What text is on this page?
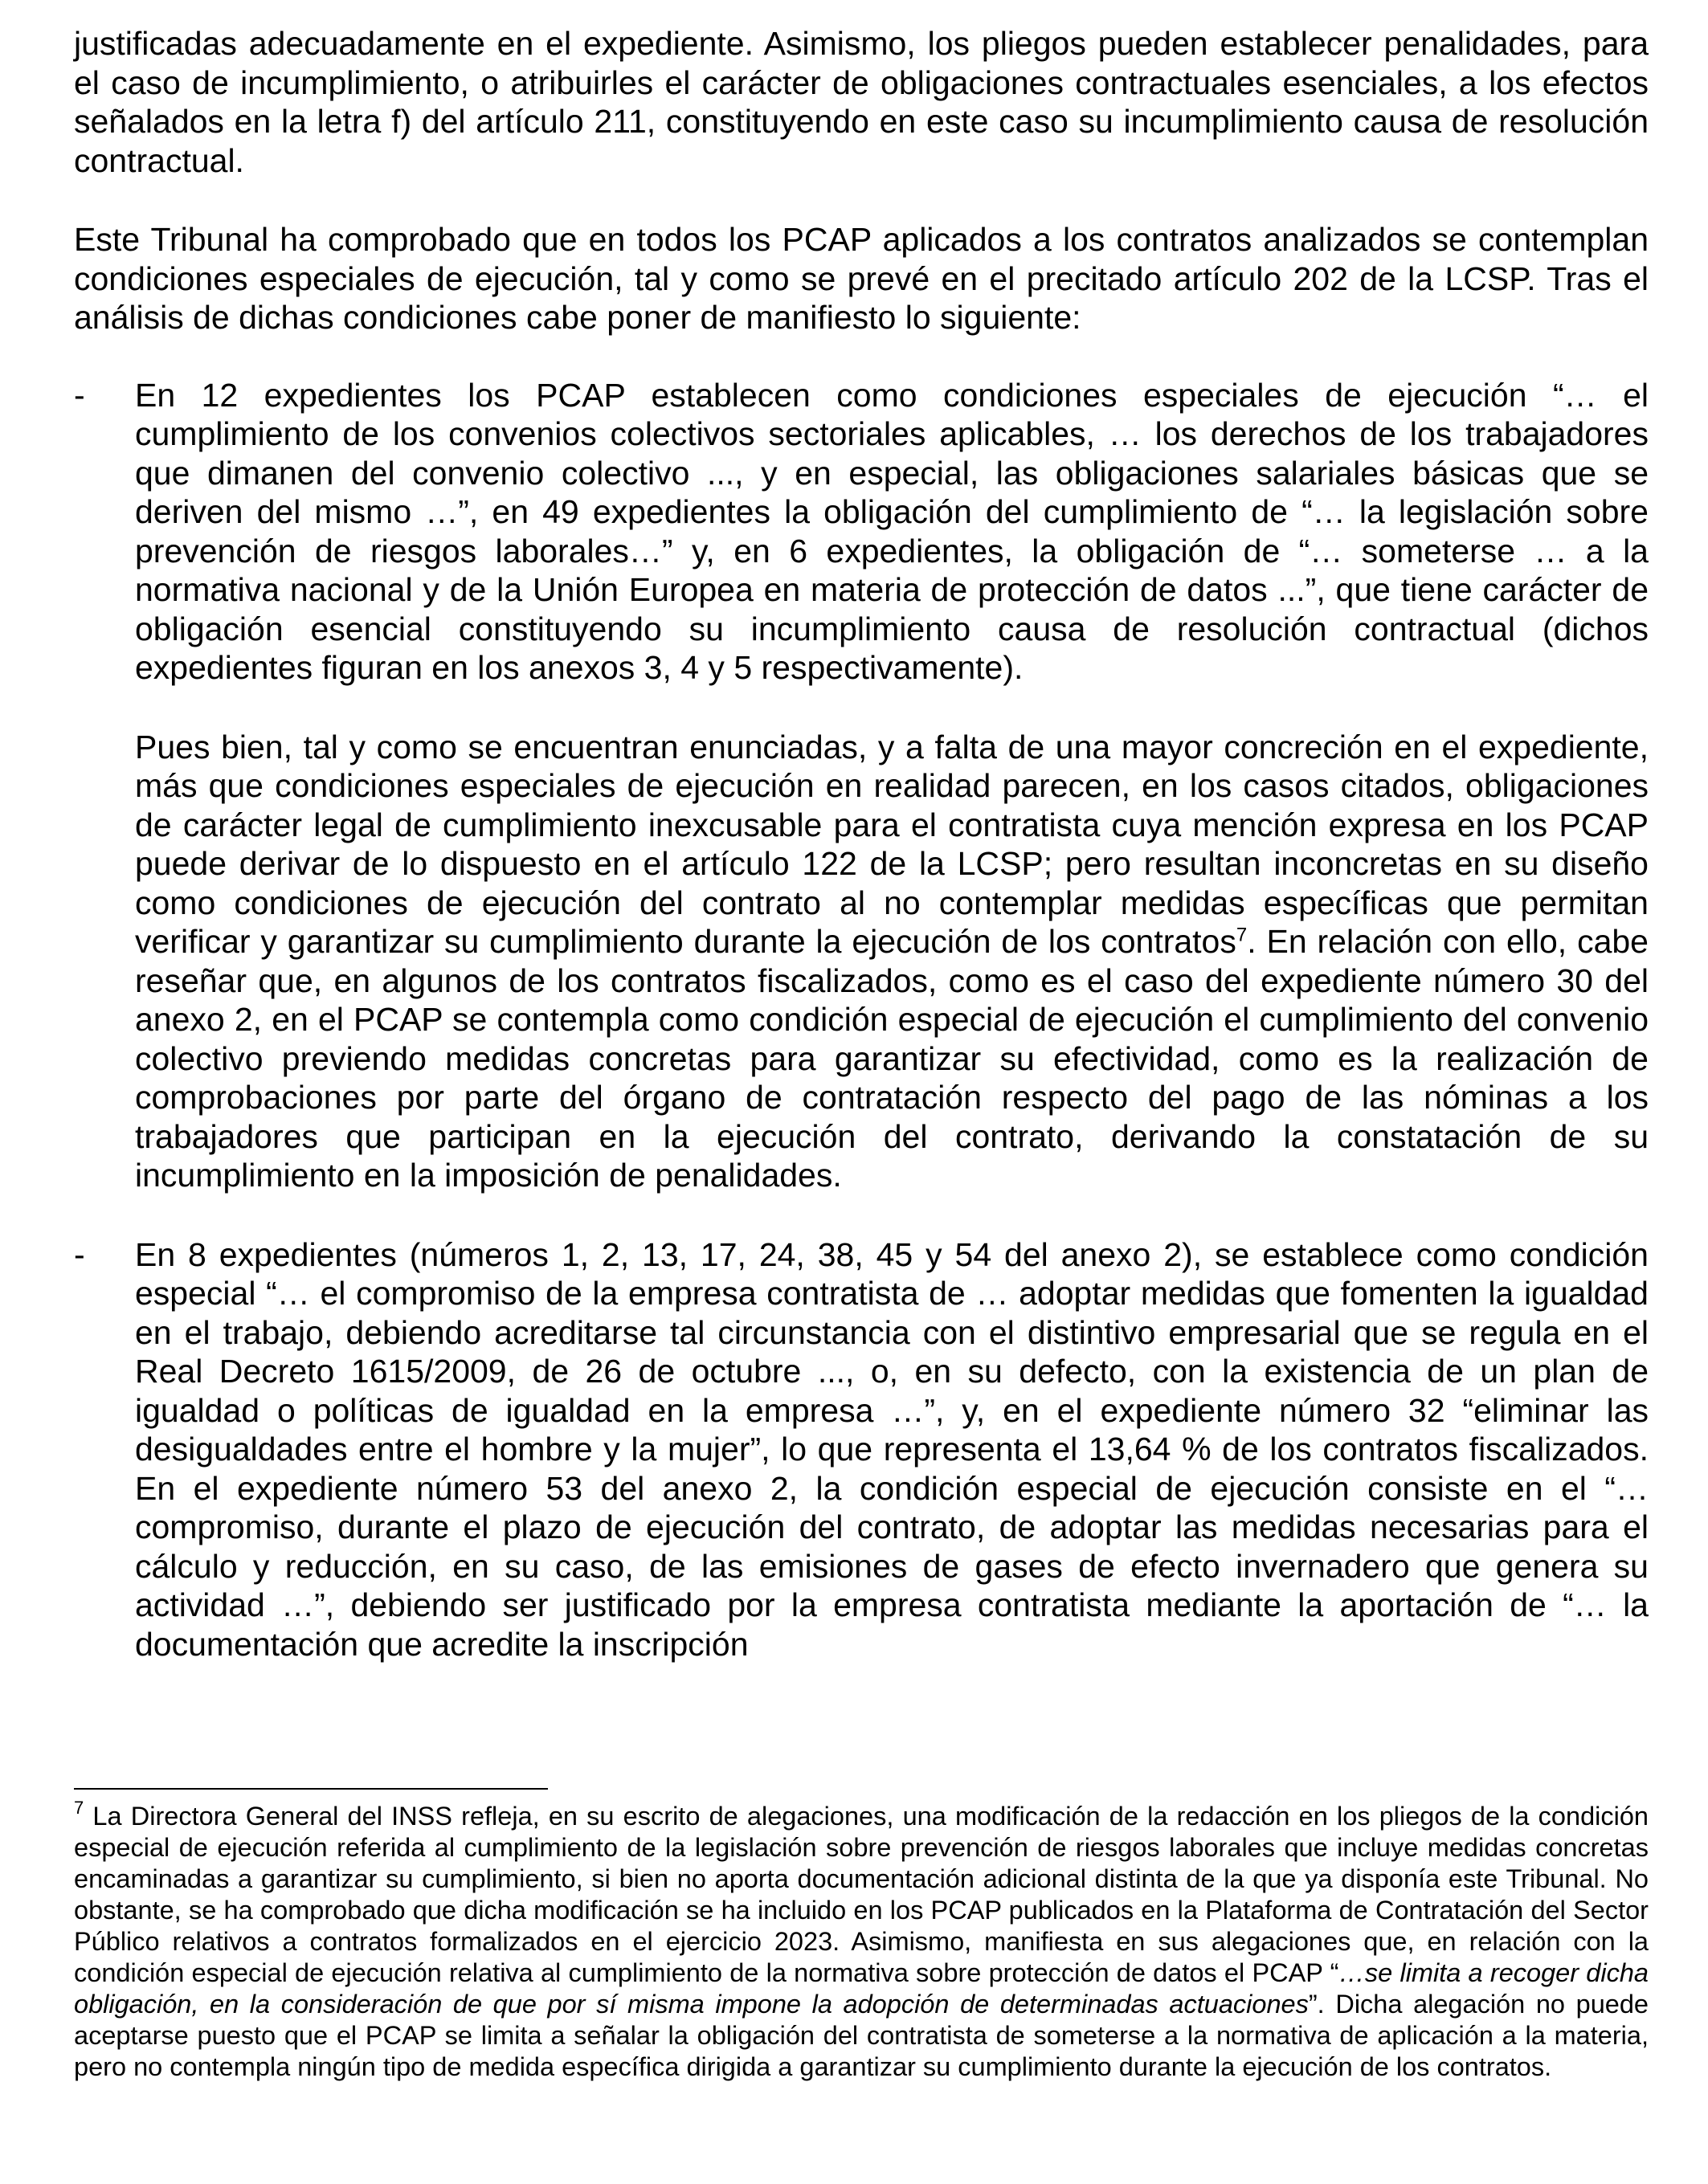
justificadas adecuadamente en el expediente. Asimismo, los pliegos pueden establecer penalidades, para el caso de incumplimiento, o atribuirles el carácter de obligaciones contractuales esenciales, a los efectos señalados en la letra f) del artículo 211, constituyendo en este caso su incumplimiento causa de resolución contractual.

Este Tribunal ha comprobado que en todos los PCAP aplicados a los contratos analizados se contemplan condiciones especiales de ejecución, tal y como se prevé en el precitado artículo 202 de la LCSP. Tras el análisis de dichas condiciones cabe poner de manifiesto lo siguiente:

- En 12 expedientes los PCAP establecen como condiciones especiales de ejecución “… el cumplimiento de los convenios colectivos sectoriales aplicables, … los derechos de los trabajadores que dimanen del convenio colectivo ..., y en especial, las obligaciones salariales básicas que se deriven del mismo …”, en 49 expedientes la obligación del cumplimiento de “… la legislación sobre prevención de riesgos laborales…” y, en 6 expedientes, la obligación de “… someterse … a la normativa nacional y de la Unión Europea en materia de protección de datos ...”, que tiene carácter de obligación esencial constituyendo su incumplimiento causa de resolución contractual (dichos expedientes figuran en los anexos 3, 4 y 5 respectivamente).

Pues bien, tal y como se encuentran enunciadas, y a falta de una mayor concreción en el expediente, más que condiciones especiales de ejecución en realidad parecen, en los casos citados, obligaciones de carácter legal de cumplimiento inexcusable para el contratista cuya mención expresa en los PCAP puede derivar de lo dispuesto en el artículo 122 de la LCSP; pero resultan inconcretas en su diseño como condiciones de ejecución del contrato al no contemplar medidas específicas que permitan verificar y garantizar su cumplimiento durante la ejecución de los contratos$^7$. En relación con ello, cabe reseñar que, en algunos de los contratos fiscalizados, como es el caso del expediente número 30 del anexo 2, en el PCAP se contempla como condición especial de ejecución el cumplimiento del convenio colectivo previendo medidas concretas para garantizar su efectividad, como es la realización de comprobaciones por parte del órgano de contratación respecto del pago de las nóminas a los trabajadores que participan en la ejecución del contrato, derivando la constatación de su incumplimiento en la imposición de penalidades.

- En 8 expedientes (números 1, 2, 13, 17, 24, 38, 45 y 54 del anexo 2), se establece como condición especial “… el compromiso de la empresa contratista de … adoptar medidas que fomenten la igualdad en el trabajo, debiendo acreditarse tal circunstancia con el distintivo empresarial que se regula en el Real Decreto 1615/2009, de 26 de octubre ..., o, en su defecto, con la existencia de un plan de igualdad o políticas de igualdad en la empresa …”, y, en el expediente número 32 “eliminar las desigualdades entre el hombre y la mujer”, lo que representa el 13,64 % de los contratos fiscalizados. En el expediente número 53 del anexo 2, la condición especial de ejecución consiste en el “… compromiso, durante el plazo de ejecución del contrato, de adoptar las medidas necesarias para el cálculo y reducción, en su caso, de las emisiones de gases de efecto invernadero que genera su actividad …”, debiendo ser justificado por la empresa contratista mediante la aportación de “… la documentación que acredite la inscripción

$^7$ La Directora General del INSS refleja, en su escrito de alegaciones, una modificación de la redacción en los pliegos de la condición especial de ejecución referida al cumplimiento de la legislación sobre prevención de riesgos laborales que incluye medidas concretas encaminadas a garantizar su cumplimiento, si bien no aporta documentación adicional distinta de la que ya disponía este Tribunal. No obstante, se ha comprobado que dicha modificación se ha incluido en los PCAP publicados en la Plataforma de Contratación del Sector Público relativos a contratos formalizados en el ejercicio 2023. Asimismo, manifiesta en sus alegaciones que, en relación con la condición especial de ejecución relativa al cumplimiento de la normativa sobre protección de datos el PCAP “…se limita a recoger dicha obligación, en la consideración de que por sí misma impone la adopción de determinadas actuaciones”. Dicha alegación no puede aceptarse puesto que el PCAP se limita a señalar la obligación del contratista de someterse a la normativa de aplicación a la materia, pero no contempla ningún tipo de medida específica dirigida a garantizar su cumplimiento durante la ejecución de los contratos.
